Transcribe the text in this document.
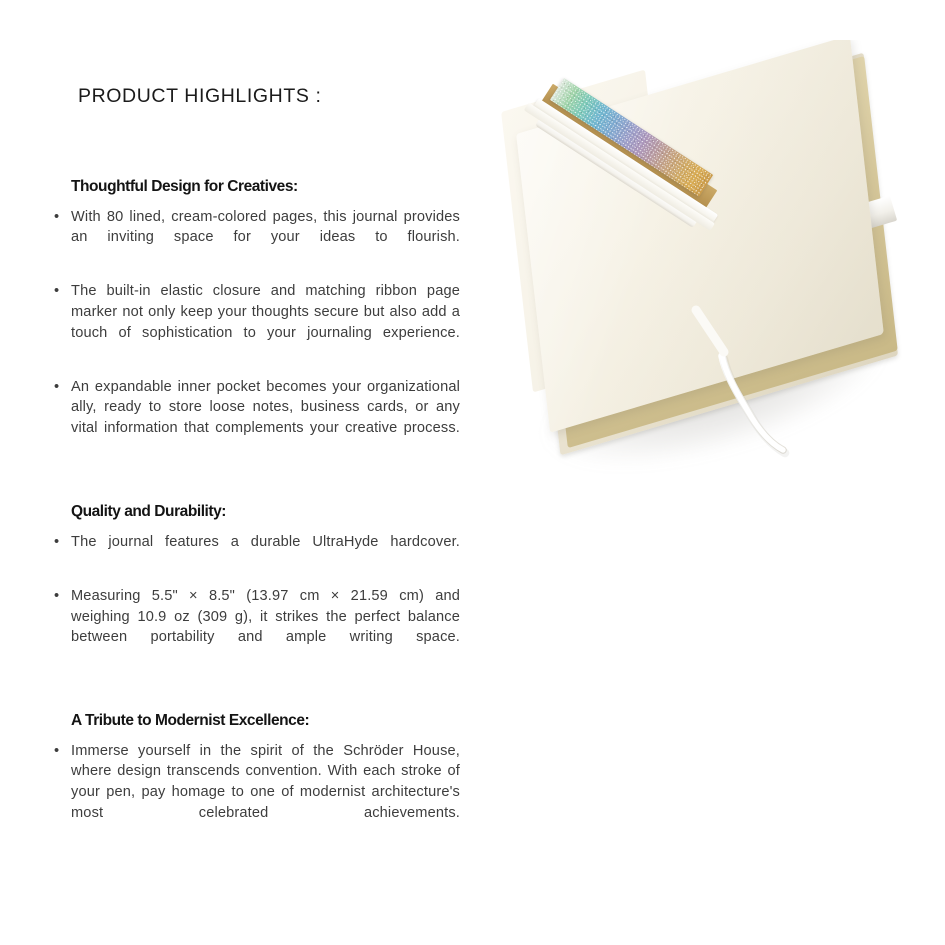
PRODUCT HIGHLIGHTS :
Thoughtful Design for Creatives:
• With 80 lined, cream-colored pages, this journal provides an inviting space for your ideas to flourish.
• The built-in elastic closure and matching ribbon page marker not only keep your thoughts secure but also add a touch of sophistication to your journaling experience.
• An expandable inner pocket becomes your organizational ally, ready to store loose notes, business cards, or any vital information that complements your creative process.
Quality and Durability:
• The journal features a durable UltraHyde hardcover.
• Measuring 5.5" × 8.5" (13.97 cm × 21.59 cm) and weighing 10.9 oz (309 g), it strikes the perfect balance between portability and ample writing space.
A Tribute to Modernist Excellence:
• Immerse yourself in the spirit of the Schröder House, where design transcends convention. With each stroke of your pen, pay homage to one of modernist architecture's most celebrated achievements.
